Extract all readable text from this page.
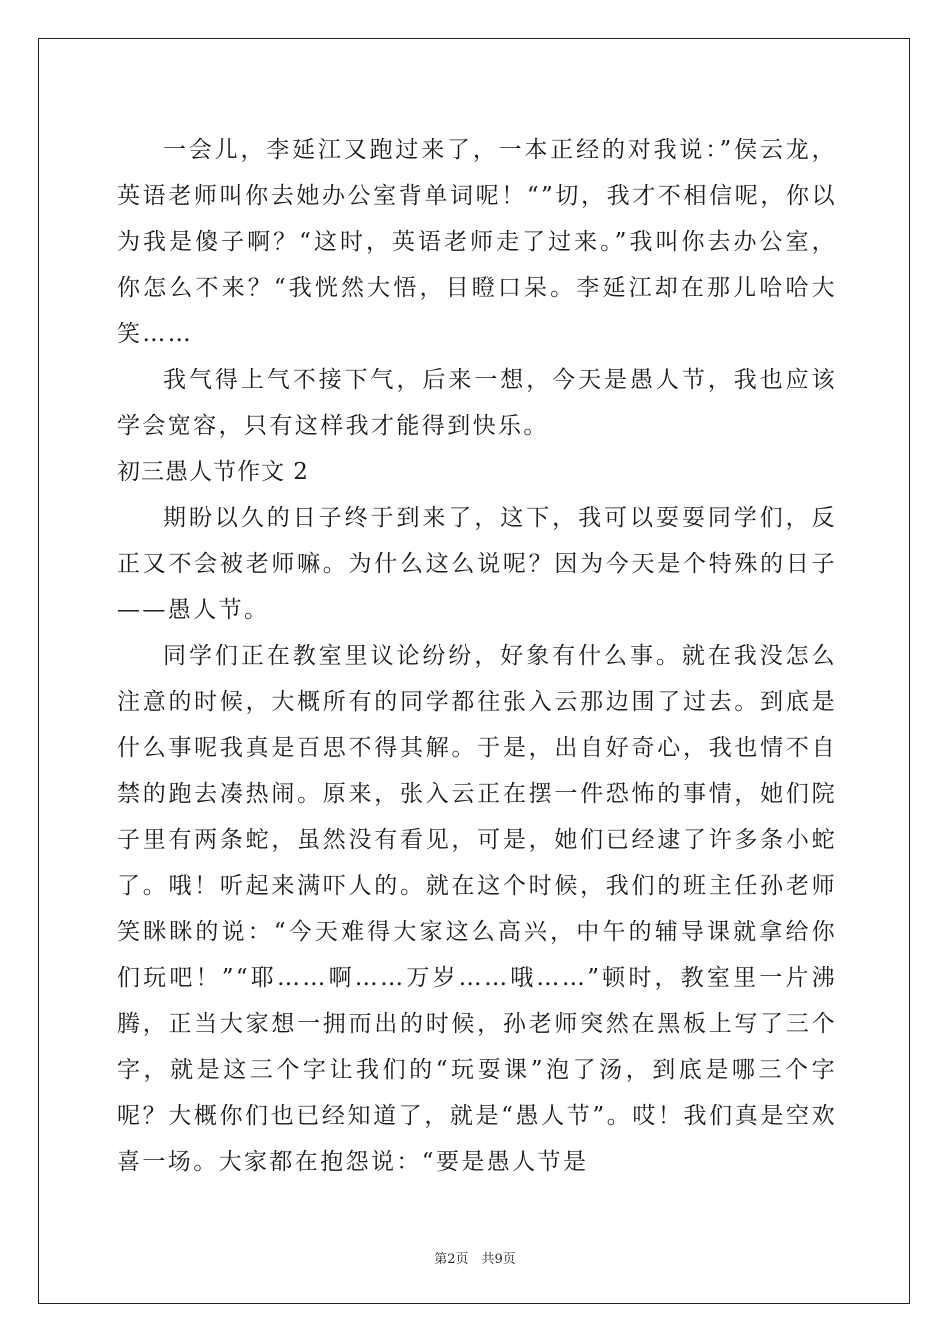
一会儿，李延江又跑过来了，一本正经的对我说：”侯云龙，英语老师叫你去她办公室背单词呢！“”切，我才不相信呢，你以为我是傻子啊？“这时，英语老师走了过来。”我叫你去办公室，你怎么不来？“我恍然大悟，目瞪口呆。李延江却在那儿哈哈大笑……

我气得上气不接下气，后来一想，今天是愚人节，我也应该学会宽容，只有这样我才能得到快乐。

初三愚人节作文 2

期盼以久的日子终于到来了，这下，我可以耍耍同学们，反正又不会被老师嘛。为什么这么说呢？因为今天是个特殊的日子——愚人节。

同学们正在教室里议论纷纷，好象有什么事。就在我没怎么注意的时候，大概所有的同学都往张入云那边围了过去。到底是什么事呢我真是百思不得其解。于是，出自好奇心，我也情不自禁的跑去凑热闹。原来，张入云正在摆一件恐怖的事情，她们院子里有两条蛇，虽然没有看见，可是，她们已经逮了许多条小蛇了。哦！听起来满吓人的。就在这个时候，我们的班主任孙老师笑眯眯的说：“今天难得大家这么高兴，中午的辅导课就拿给你们玩吧！”“耶……啊……万岁……哦……”顿时，教室里一片沸腾，正当大家想一拥而出的时候，孙老师突然在黑板上写了三个字，就是这三个字让我们的“玩耍课”泡了汤，到底是哪三个字呢？大概你们也已经知道了，就是“愚人节”。哎！我们真是空欢喜一场。大家都在抱怨说：“要是愚人节是

第2页　共9页
